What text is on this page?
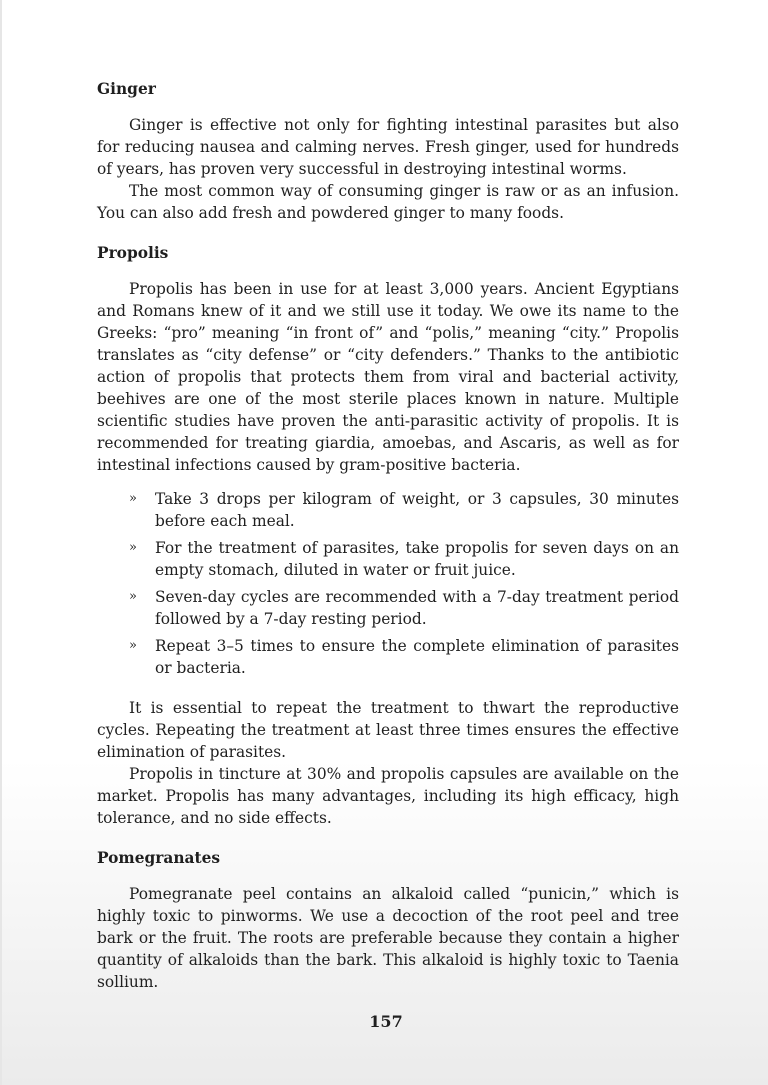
Ginger

Ginger is effective not only for fighting intestinal parasites but also for reducing nausea and calming nerves. Fresh ginger, used for hundreds of years, has proven very successful in destroying intestinal worms.

The most common way of consuming ginger is raw or as an infusion. You can also add fresh and powdered ginger to many foods.

Propolis

Propolis has been in use for at least 3,000 years. Ancient Egyptians and Romans knew of it and we still use it today. We owe its name to the Greeks: “pro” meaning “in front of” and “polis,” meaning “city.” Propolis translates as “city defense” or “city defenders.” Thanks to the antibiotic action of propolis that protects them from viral and bacterial activity, beehives are one of the most sterile places known in nature. Multiple scientific studies have proven the anti-parasitic activity of propolis. It is recommended for treating giardia, amoebas, and Ascaris, as well as for intestinal infections caused by gram-positive bacteria.

» Take 3 drops per kilogram of weight, or 3 capsules, 30 minutes before each meal.
» For the treatment of parasites, take propolis for seven days on an empty stomach, diluted in water or fruit juice.
» Seven-day cycles are recommended with a 7-day treatment period followed by a 7-day resting period.
» Repeat 3–5 times to ensure the complete elimination of parasites or bacteria.

It is essential to repeat the treatment to thwart the reproductive cycles. Repeating the treatment at least three times ensures the effective elimination of parasites.

Propolis in tincture at 30% and propolis capsules are available on the market. Propolis has many advantages, including its high efficacy, high tolerance, and no side effects.

Pomegranates

Pomegranate peel contains an alkaloid called “punicin,” which is highly toxic to pinworms. We use a decoction of the root peel and tree bark or the fruit. The roots are preferable because they contain a higher quantity of alkaloids than the bark. This alkaloid is highly toxic to Taenia sollium.

157
